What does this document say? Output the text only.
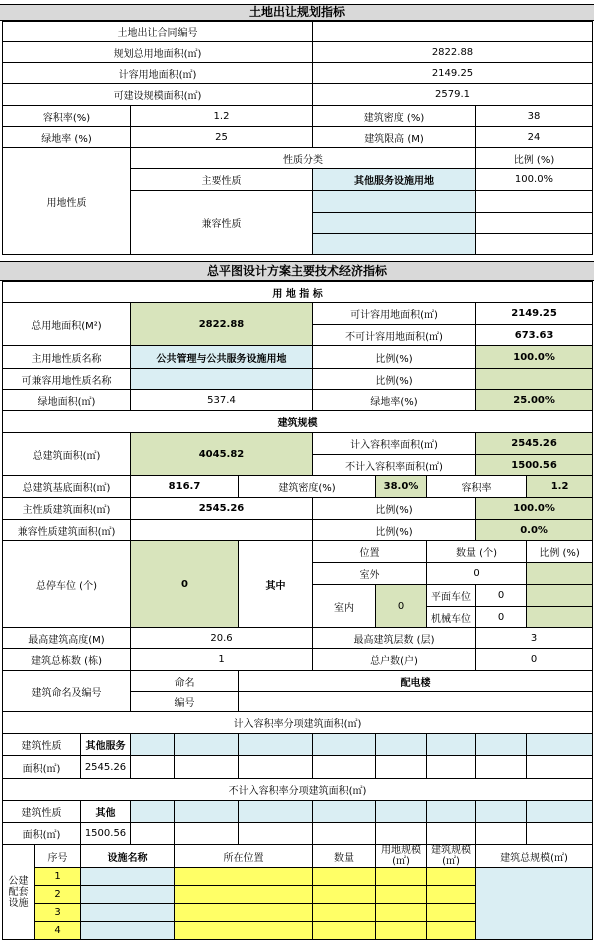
土地出让规划指标
土地出让合同编号			
规划总用地面积(㎡)		2822.88	
计容用地面积(㎡)		2149.25	
可建设规模面积(㎡)		2579.1	
容积率(%)	1.2	建筑密度 (%)	38
绿地率 (%)	25	建筑限高 (M)	24
用地性质	性质分类		比例 (%)
	主要性质	其他服务设施用地	100.0%
	兼容性质		

总平图设计方案主要技术经济指标
用 地 指 标										
总用地面积(M²)			2822.88			可计容用地面积(㎡)			2149.25	
						不可计容用地面积(㎡)			673.63	
主用地性质名称			公共管理与公共服务设施用地			比例(%)			100.0%	
可兼容用地性质名称						比例(%)				
绿地面积(㎡)			537.4			绿地率(%)			25.00%	
建筑规模										
总建筑面积(㎡)			4045.82			计入容积率面积(㎡)			2545.26	
						不计入容积率面积(㎡)			1500.56	
总建筑基底面积(㎡)			816.7		建筑密度(%)		38.0%	容积率		1.2
主性质建筑面积(㎡)			2545.26			比例(%)			100.0%	
兼容性质建筑面积(㎡)						比例(%)			0.0%	
总停车位 (个)			0		其中	位置		数量 (个)		比例 (%)
						室外		0		
						室内	0	平面车位	0	
								机械车位	0	
最高建筑高度(M)			20.6			最高建筑层数 (层)			3	
建筑总栋数 (栋)			1			总户数(户)			0	
建筑命名及编号			命名		配电楼					
			编号							
计入容积率分项建筑面积(㎡)										
建筑性质		其他服务								
面积(㎡)		2545.26								
不计入容积率分项建筑面积(㎡)										
建筑性质		其他								
面积(㎡)		1500.56								
公建配套设施	序号	设施名称		所在位置		数量	用地规模(㎡)	建筑规模(㎡)	建筑总规模(㎡)	
	1									
	2									
	3									
	4									
